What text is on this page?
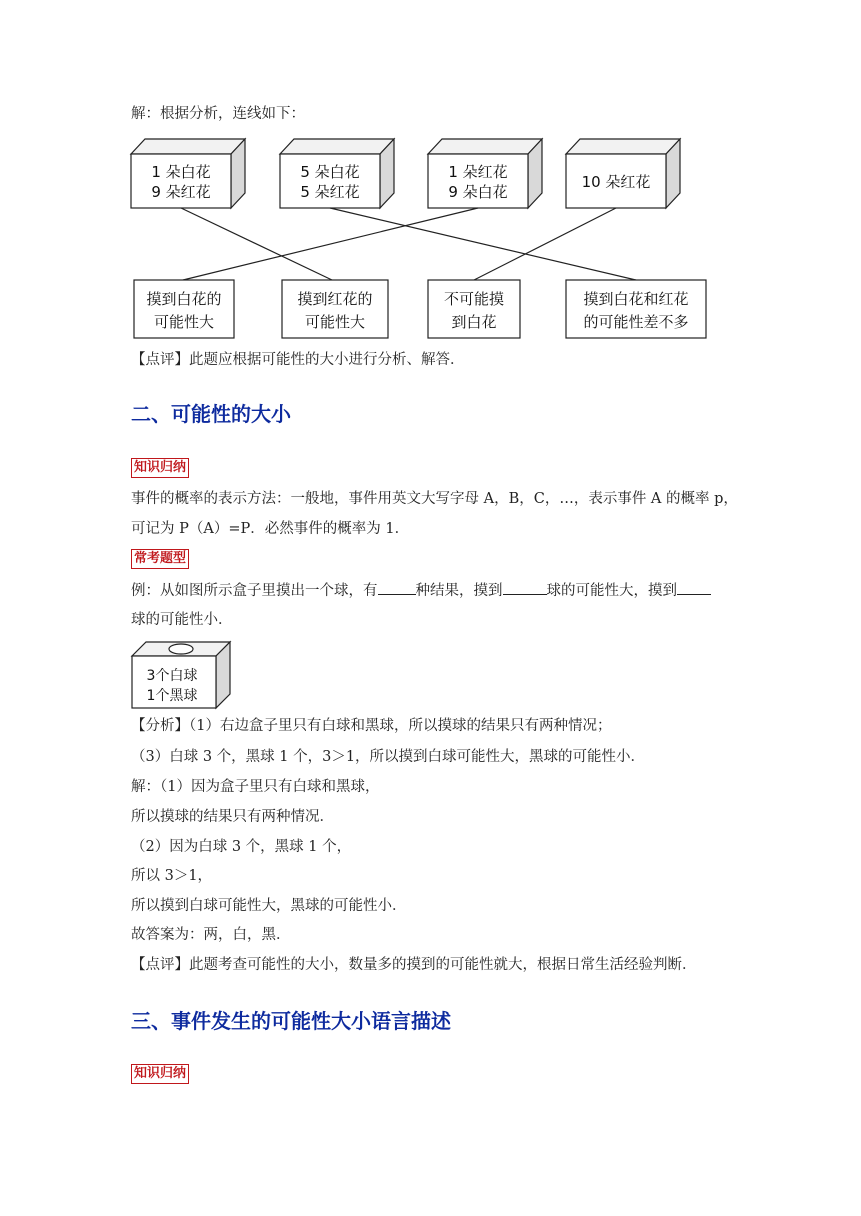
解：根据分析，连线如下：
1 朵白花
9 朵红花
5 朵白花
5 朵红花
1 朵红花
9 朵白花
10 朵红花
摸到白花的
可能性大
摸到红花的
可能性大
不可能摸
到白花
摸到白花和红花
的可能性差不多
【点评】此题应根据可能性的大小进行分析、解答．
二、可能性的大小
知识归纳
事件的概率的表示方法：一般地，事件用英文大写字母 A，B，C，…，表示事件 A 的概率 p，
可记为 P（A）=P．必然事件的概率为 1．
常考题型
例：从如图所示盒子里摸出一个球，有	种结果，摸到	球的可能性大，摸到
球的可能性小．
3个白球
1个黑球
【分析】（1）右边盒子里只有白球和黑球，所以摸球的结果只有两种情况；
（3）白球 3 个，黑球 1 个，3＞1，所以摸到白球可能性大，黑球的可能性小．
解：（1）因为盒子里只有白球和黑球，
所以摸球的结果只有两种情况．
（2）因为白球 3 个，黑球 1 个，
所以 3＞1，
所以摸到白球可能性大，黑球的可能性小．
故答案为：两，白，黑．
【点评】此题考查可能性的大小，数量多的摸到的可能性就大，根据日常生活经验判断．
三、事件发生的可能性大小语言描述
知识归纳
